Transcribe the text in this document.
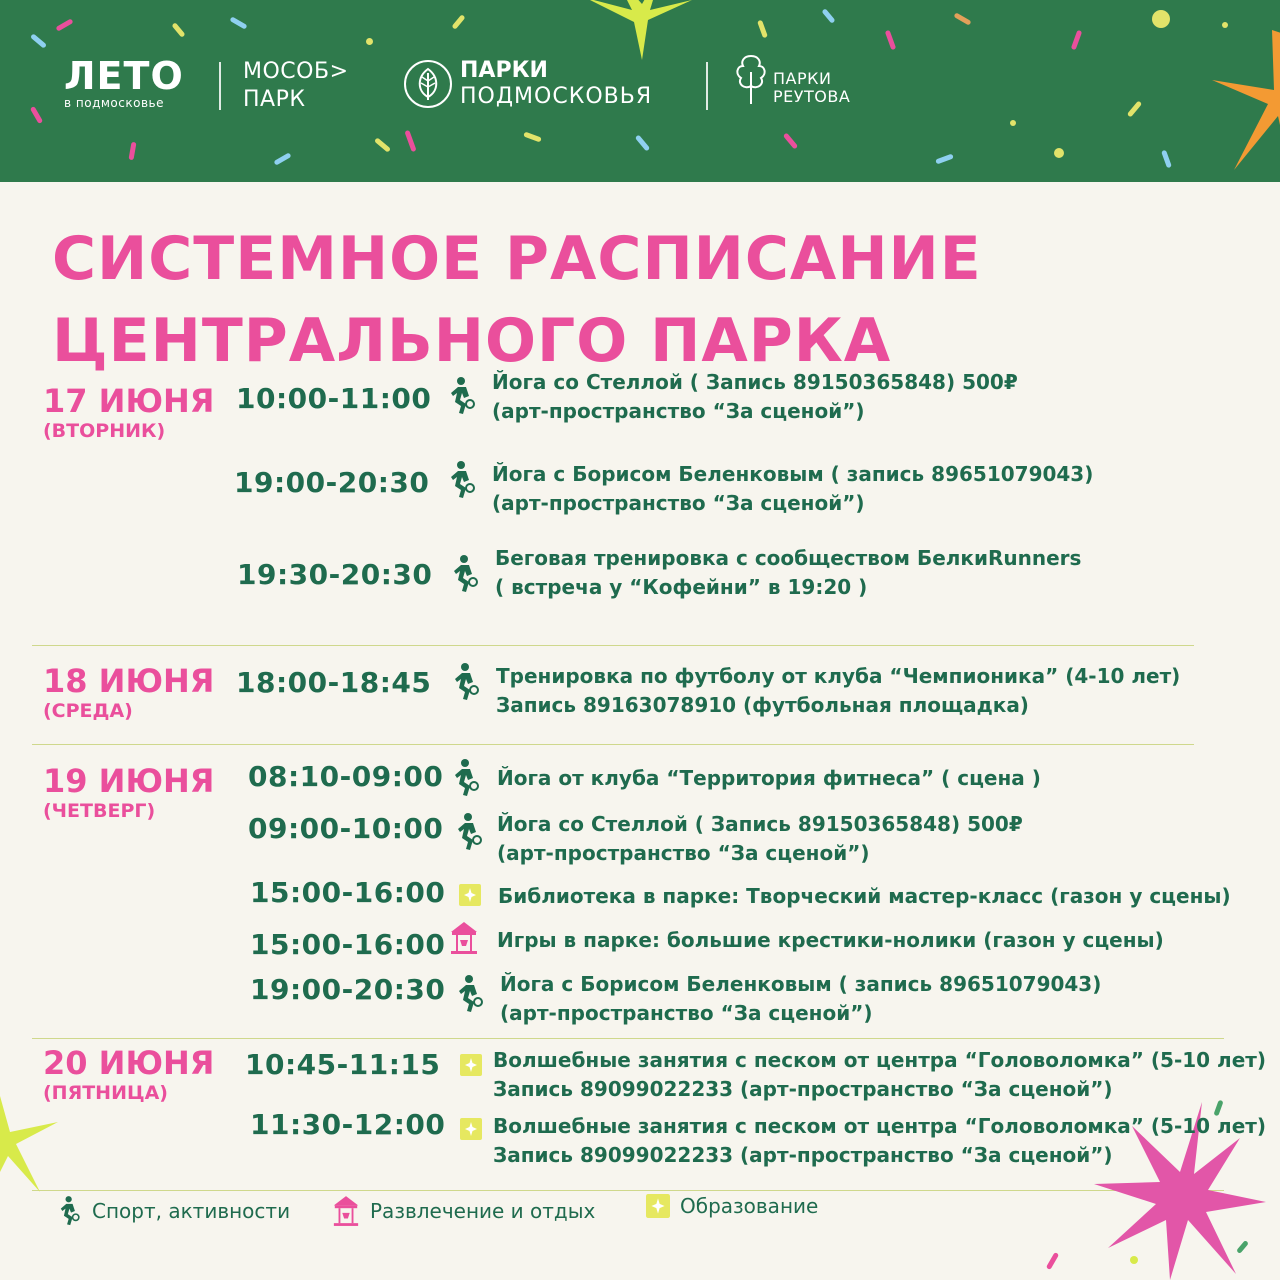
ЛЕТО
в подмосковье
МОСОБ>
ПАРК
ПАРКИ
ПОДМОСКОВЬЯ
ПАРКИ
РЕУТОВА
СИСТЕМНОЕ РАСПИСАНИЕ
ЦЕНТРАЛЬНОГО ПАРКА
17 ИЮНЯ
(ВТОРНИК)
10:00-11:00	Йога со Стеллой ( Запись 89150365848) 500₽
(арт-пространство “За сценой”)
19:00-20:30	Йога с Борисом Беленковым ( запись 89651079043)
(арт-пространство “За сценой”)
19:30-20:30	Беговая тренировка с сообществом БелкиRunners
( встреча у “Кофейни” в 19:20 )
18 ИЮНЯ
(СРЕДА)
18:00-18:45	Тренировка по футболу от клуба “Чемпионика” (4-10 лет)
Запись 89163078910 (футбольная площадка)
19 ИЮНЯ
(ЧЕТВЕРГ)
08:10-09:00	Йога от клуба “Территория фитнеса” ( сцена )
09:00-10:00	Йога со Стеллой ( Запись 89150365848) 500₽
(арт-пространство “За сценой”)
15:00-16:00	Библиотека в парке: Творческий мастер-класс (газон у сцены)
15:00-16:00	Игры в парке: большие крестики-нолики (газон у сцены)
19:00-20:30	Йога с Борисом Беленковым ( запись 89651079043)
(арт-пространство “За сценой”)
20 ИЮНЯ
(ПЯТНИЦА)
10:45-11:15	Волшебные занятия с песком от центра “Головоломка” (5-10 лет)
Запись 89099022233 (арт-пространство “За сценой”)
11:30-12:00 Волшебные занятия с песком от центра “Головоломка” (5-10 лет)
Запись 89099022233 (арт-пространство “За сценой”)
Спорт, активности	Развлечение и отдых	Образование
